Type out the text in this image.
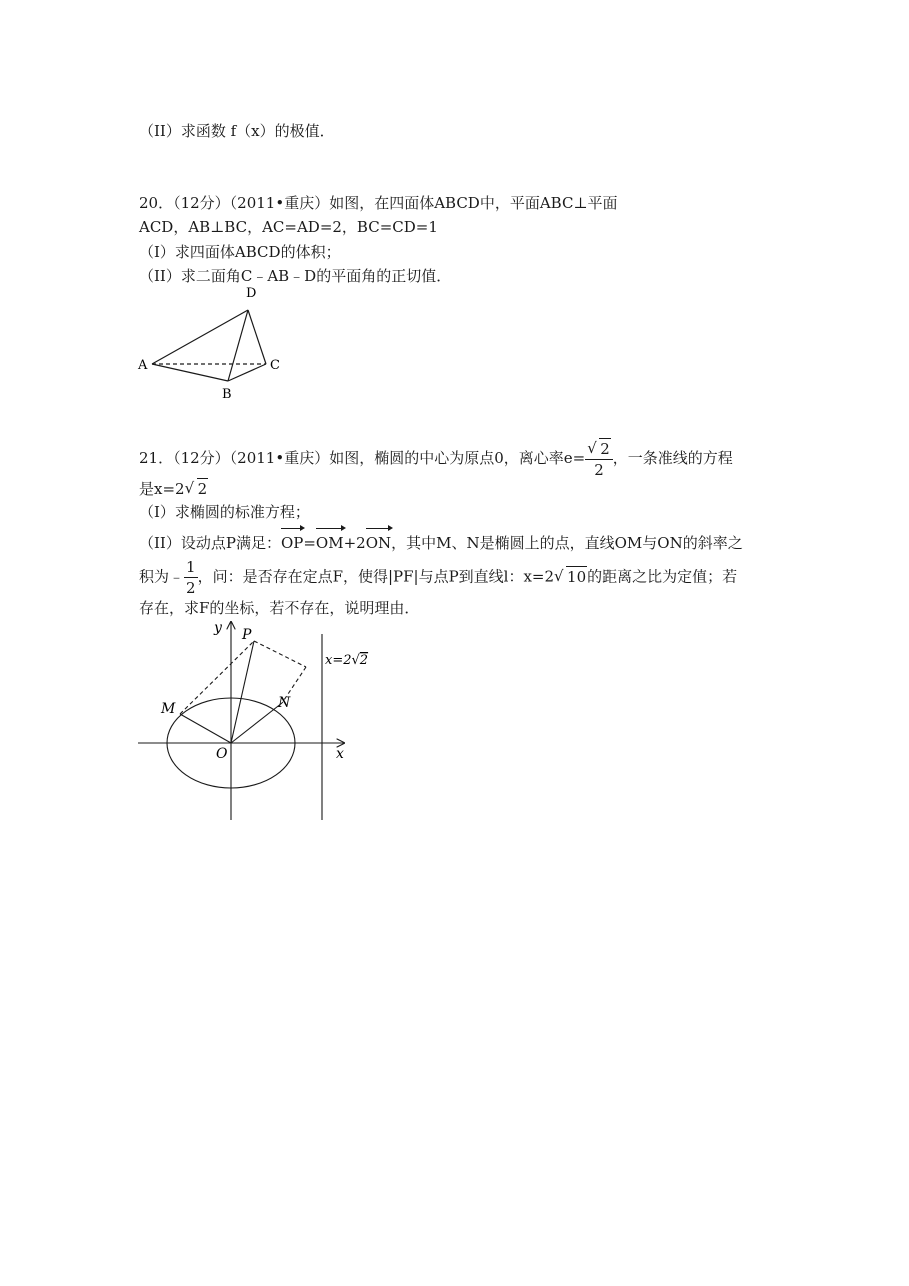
（II）求函数 f（x）的极值．
20．（12分）（2011•重庆）如图，在四面体ABCD中，平面ABC⊥平面
ACD，AB⊥BC，AC=AD=2，BC=CD=1
（I）求四面体ABCD的体积；
（II）求二面角C﹣AB﹣D的平面角的正切值．
D
A	C
B
21．（12分）（2011•重庆）如图，椭圆的中心为原点0，离心率$e= \frac{√ 2}{2}$ ，一条准线的方程
是x=2 √ 2
（I）求椭圆的标准方程；
（II）设动点P满足：OP=OM+2ON，其中M、N是椭圆上的点，直线OM与ON的斜率之
积为﹣ $\frac{1}{2}$ ，问：是否存在定点F，使得|PF|与点P到直线l：x=2 √ 10的距离之比为定值；若
存在，求F的坐标，若不存在，说明理由．
y P
M	N
O	x
x=2√2
